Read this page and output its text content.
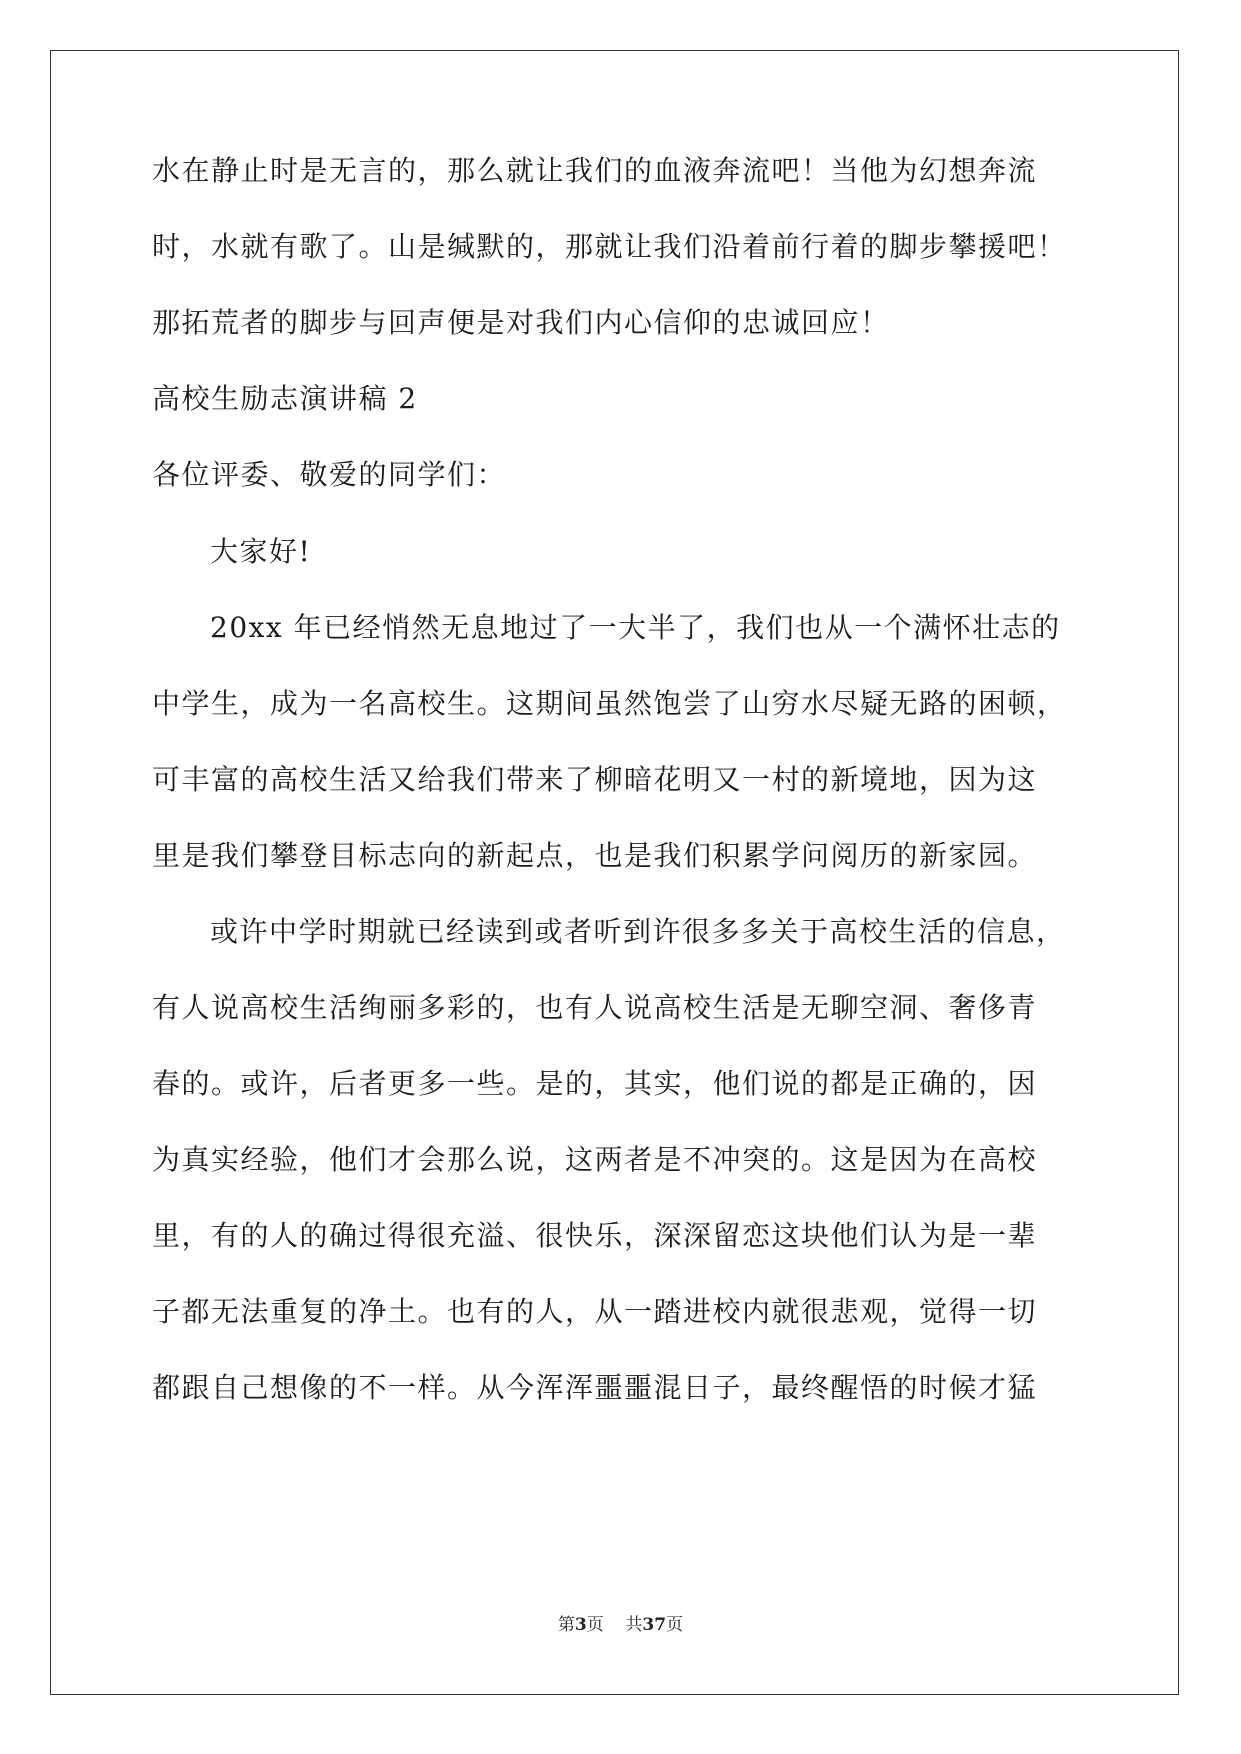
水在静止时是无言的，那么就让我们的血液奔流吧！当他为幻想奔流
时，水就有歌了。山是缄默的，那就让我们沿着前行着的脚步攀援吧！
那拓荒者的脚步与回声便是对我们内心信仰的忠诚回应！
高校生励志演讲稿 2
各位评委、敬爱的同学们：
大家好!
20xx 年已经悄然无息地过了一大半了，我们也从一个满怀壮志的
中学生，成为一名高校生。这期间虽然饱尝了山穷水尽疑无路的困顿，
可丰富的高校生活又给我们带来了柳暗花明又一村的新境地，因为这
里是我们攀登目标志向的新起点，也是我们积累学问阅历的新家园。
或许中学时期就已经读到或者听到许很多多关于高校生活的信息，
有人说高校生活绚丽多彩的，也有人说高校生活是无聊空洞、奢侈青
春的。或许，后者更多一些。是的，其实，他们说的都是正确的，因
为真实经验，他们才会那么说，这两者是不冲突的。这是因为在高校
里，有的人的确过得很充溢、很快乐，深深留恋这块他们认为是一辈
子都无法重复的净土。也有的人，从一踏进校内就很悲观，觉得一切
都跟自己想像的不一样。从今浑浑噩噩混日子，最终醒悟的时候才猛
第3页 共37页
